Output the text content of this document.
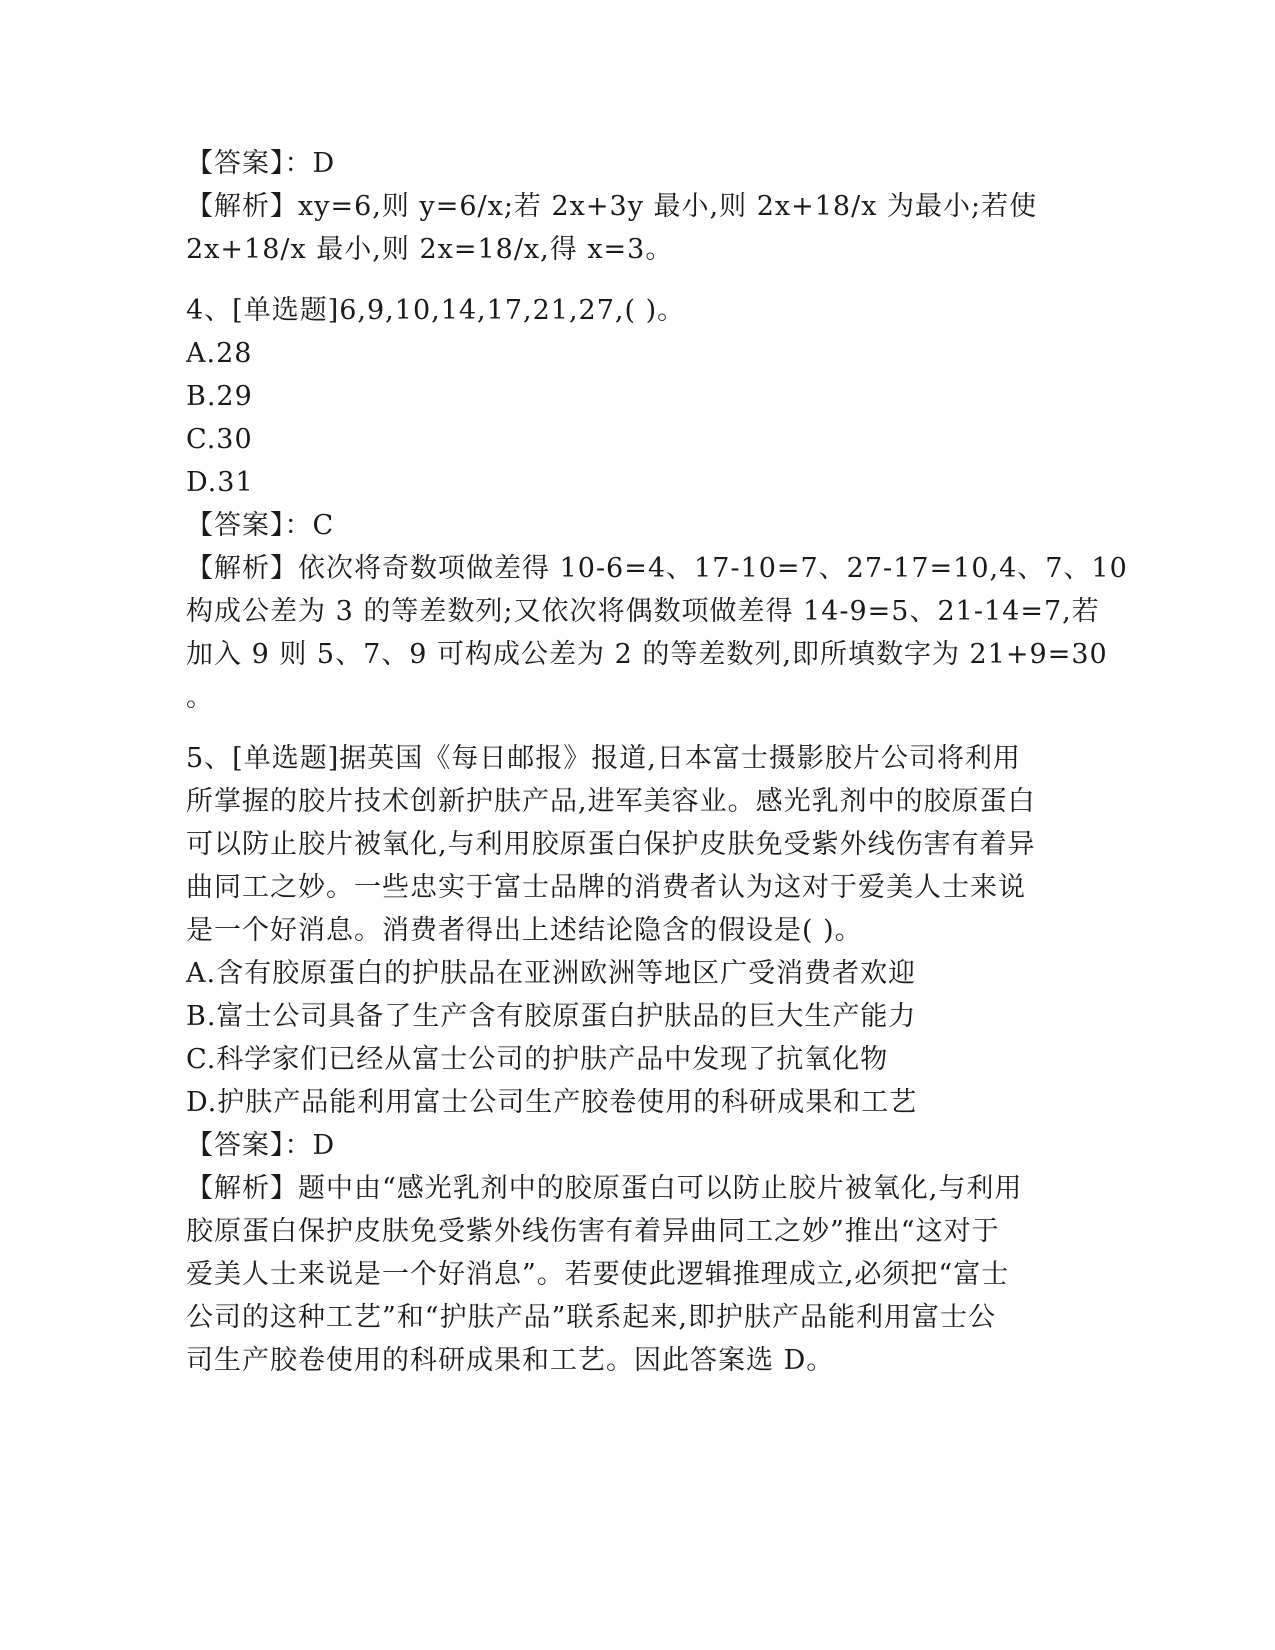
【答案】：D
【解析】xy=6,则 y=6/x;若 2x+3y 最小,则 2x+18/x 为最小;若使
2x+18/x 最小,则 2x=18/x,得 x=3。
4、[单选题]6,9,10,14,17,21,27,( )。
A.28
B.29
C.30
D.31
【答案】：C
【解析】依次将奇数项做差得 10-6=4、17-10=7、27-17=10,4、7、10
构成公差为 3 的等差数列;又依次将偶数项做差得 14-9=5、21-14=7,若
加入 9 则 5、7、9 可构成公差为 2 的等差数列,即所填数字为 21+9=30
。
5、[单选题]据英国《每日邮报》报道,日本富士摄影胶片公司将利用
所掌握的胶片技术创新护肤产品,进军美容业。感光乳剂中的胶原蛋白
可以防止胶片被氧化,与利用胶原蛋白保护皮肤免受紫外线伤害有着异
曲同工之妙。一些忠实于富士品牌的消费者认为这对于爱美人士来说
是一个好消息。消费者得出上述结论隐含的假设是( )。
A.含有胶原蛋白的护肤品在亚洲欧洲等地区广受消费者欢迎
B.富士公司具备了生产含有胶原蛋白护肤品的巨大生产能力
C.科学家们已经从富士公司的护肤产品中发现了抗氧化物
D.护肤产品能利用富士公司生产胶卷使用的科研成果和工艺
【答案】：D
【解析】题中由“感光乳剂中的胶原蛋白可以防止胶片被氧化,与利用
胶原蛋白保护皮肤免受紫外线伤害有着异曲同工之妙”推出“这对于
爱美人士来说是一个好消息”。若要使此逻辑推理成立,必须把“富士
公司的这种工艺”和“护肤产品”联系起来,即护肤产品能利用富士公
司生产胶卷使用的科研成果和工艺。因此答案选 D。
